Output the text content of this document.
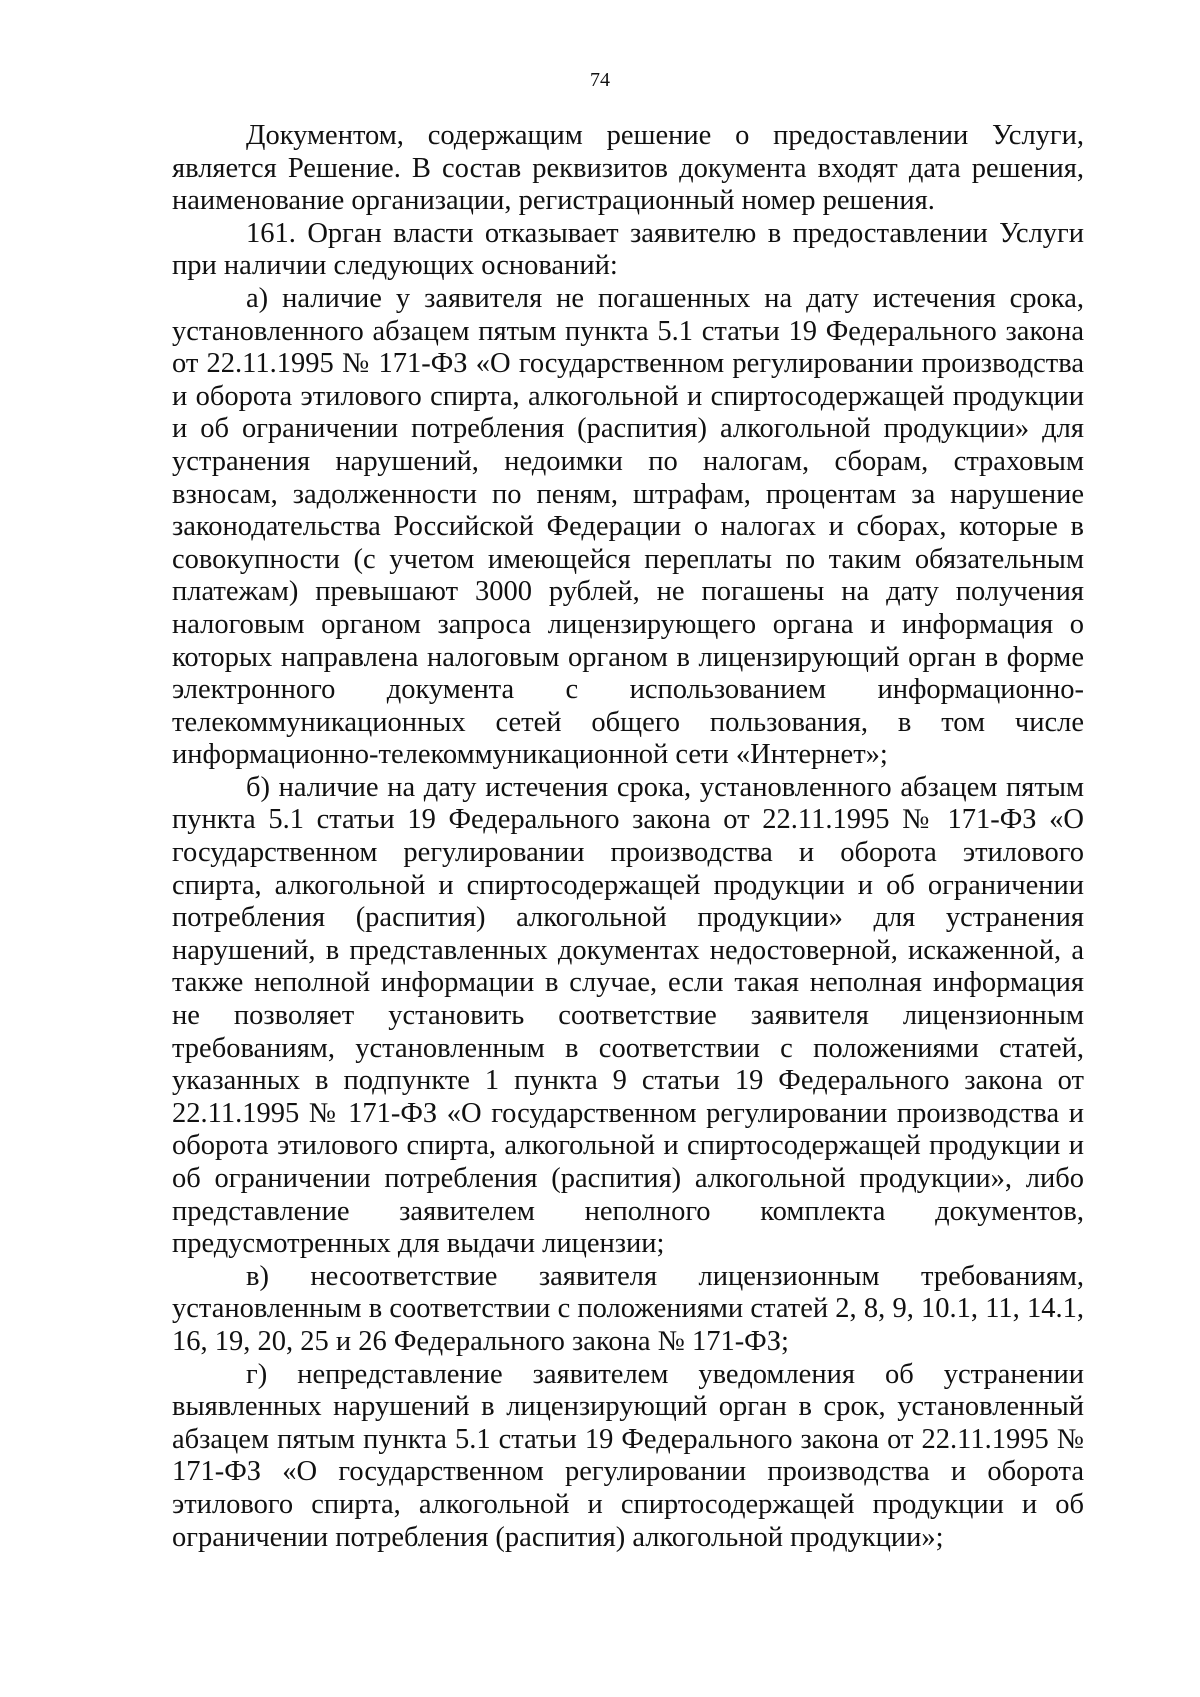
74

Документом, содержащим решение о предоставлении Услуги, является Решение. В состав реквизитов документа входят дата решения, наименование организации, регистрационный номер решения.

161. Орган власти отказывает заявителю в предоставлении Услуги при наличии следующих оснований:

а) наличие у заявителя не погашенных на дату истечения срока, установленного абзацем пятым пункта 5.1 статьи 19 Федерального закона от 22.11.1995 № 171-ФЗ «О государственном регулировании производства и оборота этилового спирта, алкогольной и спиртосодержащей продукции и об ограничении потребления (распития) алкогольной продукции» для устранения нарушений, недоимки по налогам, сборам, страховым взносам, задолженности по пеням, штрафам, процентам за нарушение законодательства Российской Федерации о налогах и сборах, которые в совокупности (с учетом имеющейся переплаты по таким обязательным платежам) превышают 3000 рублей, не погашены на дату получения налоговым органом запроса лицензирующего органа и информация о которых направлена налоговым органом в лицензирующий орган в форме электронного документа с использованием информационно-телекоммуникационных сетей общего пользования, в том числе информационно-телекоммуникационной сети «Интернет»;

б) наличие на дату истечения срока, установленного абзацем пятым пункта 5.1 статьи 19 Федерального закона от 22.11.1995 № 171-ФЗ «О государственном регулировании производства и оборота этилового спирта, алкогольной и спиртосодержащей продукции и об ограничении потребления (распития) алкогольной продукции» для устранения нарушений, в представленных документах недостоверной, искаженной, а также неполной информации в случае, если такая неполная информация не позволяет установить соответствие заявителя лицензионным требованиям, установленным в соответствии с положениями статей, указанных в подпункте 1 пункта 9 статьи 19 Федерального закона от 22.11.1995 № 171-ФЗ «О государственном регулировании производства и оборота этилового спирта, алкогольной и спиртосодержащей продукции и об ограничении потребления (распития) алкогольной продукции», либо представление заявителем неполного комплекта документов, предусмотренных для выдачи лицензии;

в) несоответствие заявителя лицензионным требованиям, установленным в соответствии с положениями статей 2, 8, 9, 10.1, 11, 14.1, 16, 19, 20, 25 и 26 Федерального закона № 171-ФЗ;

г) непредставление заявителем уведомления об устранении выявленных нарушений в лицензирующий орган в срок, установленный абзацем пятым пункта 5.1 статьи 19 Федерального закона от 22.11.1995 № 171-ФЗ «О государственном регулировании производства и оборота этилового спирта, алкогольной и спиртосодержащей продукции и об ограничении потребления (распития) алкогольной продукции»;
